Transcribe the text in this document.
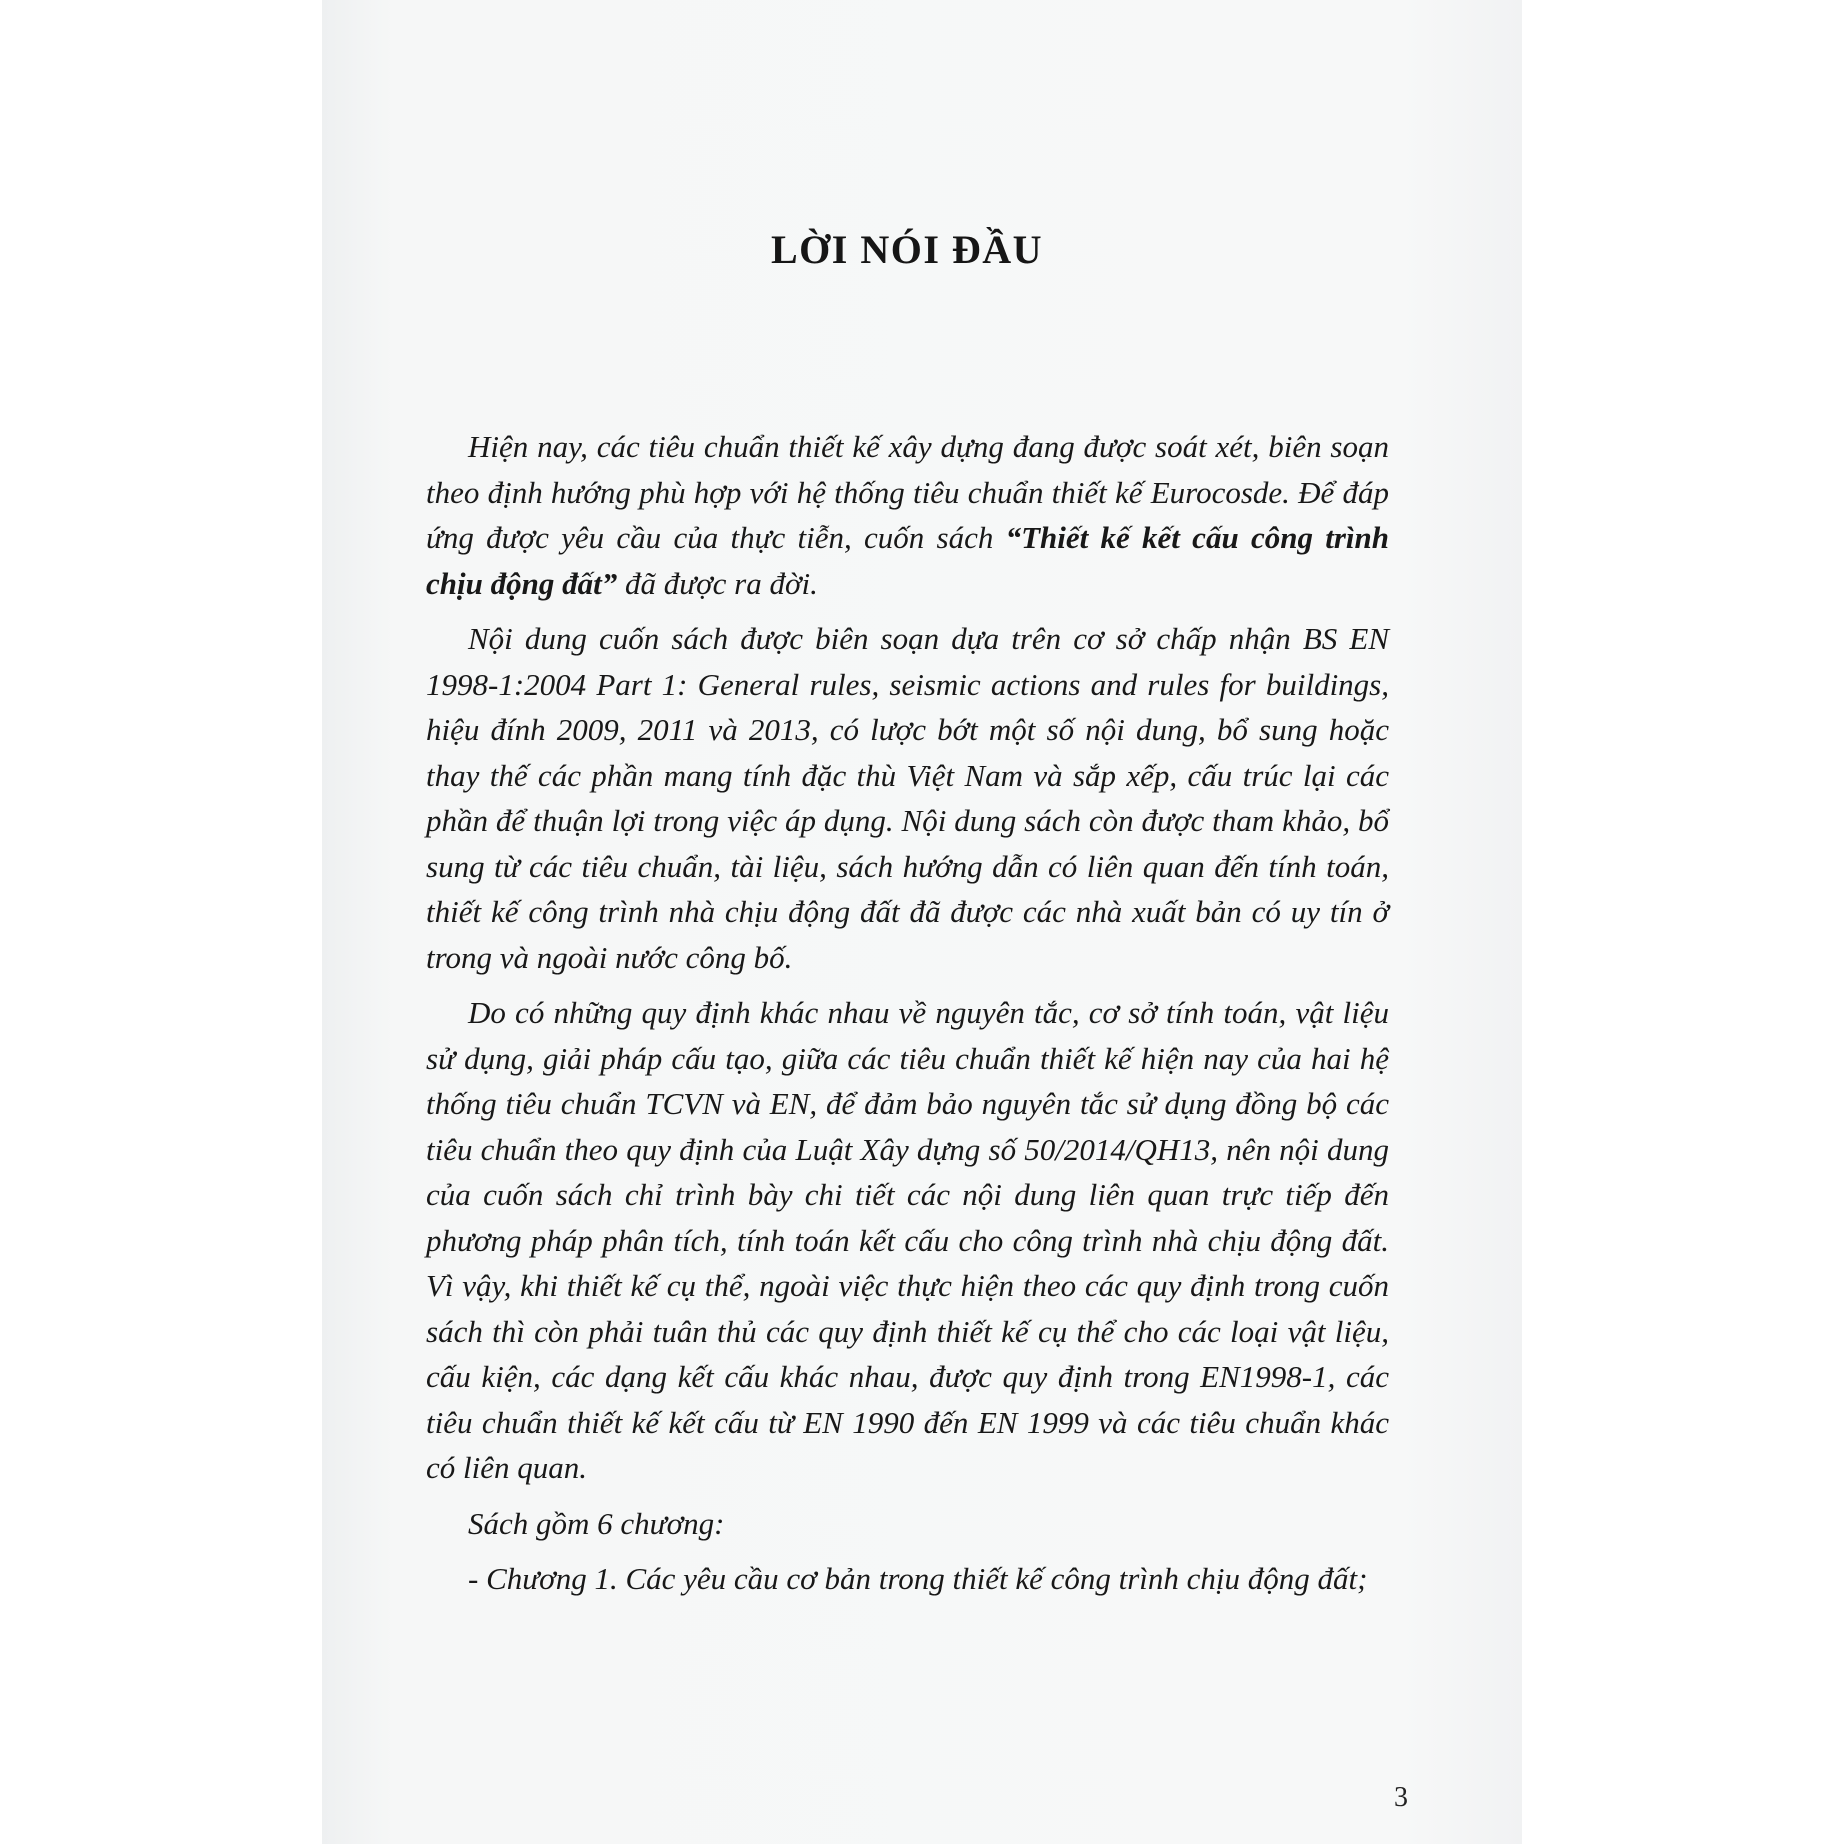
LỜI NÓI ĐẦU

Hiện nay, các tiêu chuẩn thiết kế xây dựng đang được soát xét, biên soạn theo định hướng phù hợp với hệ thống tiêu chuẩn thiết kế Eurocosde. Để đáp ứng được yêu cầu của thực tiễn, cuốn sách “Thiết kế kết cấu công trình chịu động đất” đã được ra đời.

Nội dung cuốn sách được biên soạn dựa trên cơ sở chấp nhận BS EN 1998-1:2004 Part 1: General rules, seismic actions and rules for buildings, hiệu đính 2009, 2011 và 2013, có lược bớt một số nội dung, bổ sung hoặc thay thế các phần mang tính đặc thù Việt Nam và sắp xếp, cấu trúc lại các phần để thuận lợi trong việc áp dụng. Nội dung sách còn được tham khảo, bổ sung từ các tiêu chuẩn, tài liệu, sách hướng dẫn có liên quan đến tính toán, thiết kế công trình nhà chịu động đất đã được các nhà xuất bản có uy tín ở trong và ngoài nước công bố.

Do có những quy định khác nhau về nguyên tắc, cơ sở tính toán, vật liệu sử dụng, giải pháp cấu tạo, giữa các tiêu chuẩn thiết kế hiện nay của hai hệ thống tiêu chuẩn TCVN và EN, để đảm bảo nguyên tắc sử dụng đồng bộ các tiêu chuẩn theo quy định của Luật Xây dựng số 50/2014/QH13, nên nội dung của cuốn sách chỉ trình bày chi tiết các nội dung liên quan trực tiếp đến phương pháp phân tích, tính toán kết cấu cho công trình nhà chịu động đất. Vì vậy, khi thiết kế cụ thể, ngoài việc thực hiện theo các quy định trong cuốn sách thì còn phải tuân thủ các quy định thiết kế cụ thể cho các loại vật liệu, cấu kiện, các dạng kết cấu khác nhau, được quy định trong EN1998-1, các tiêu chuẩn thiết kế kết cấu từ EN 1990 đến EN 1999 và các tiêu chuẩn khác có liên quan.

Sách gồm 6 chương:

- Chương 1. Các yêu cầu cơ bản trong thiết kế công trình chịu động đất;

3
